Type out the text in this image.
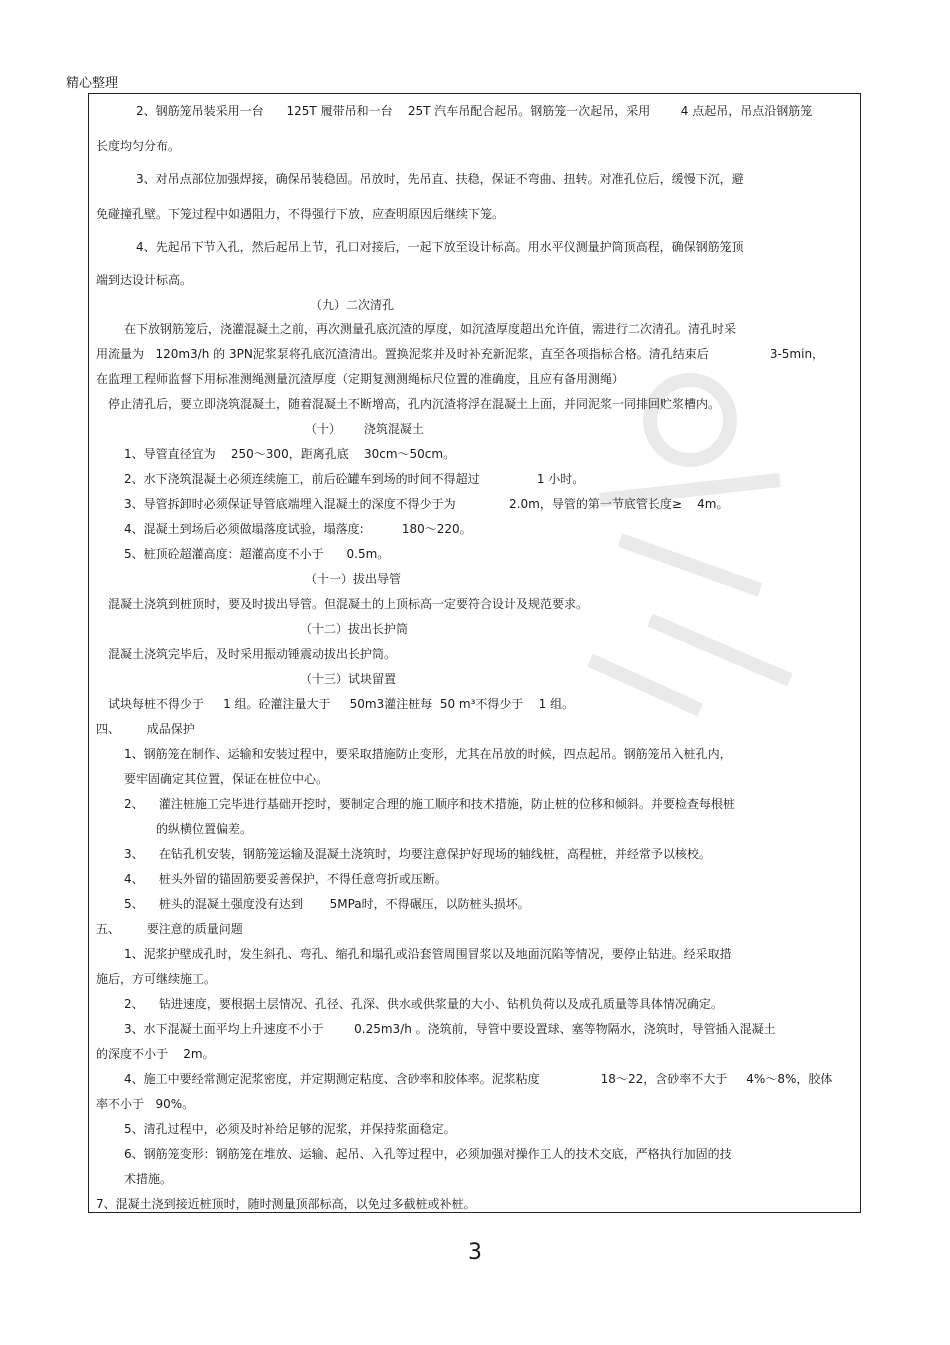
精心整理
2、钢筋笼吊装采用一台      125T 履带吊和一台    25T 汽车吊配合起吊。钢筋笼一次起吊，采用        4 点起吊，吊点沿钢筋笼
长度均匀分布。
3、对吊点部位加强焊接，确保吊装稳固。吊放时，先吊直、扶稳，保证不弯曲、扭转。对准孔位后，缓慢下沉，避
免碰撞孔壁。下笼过程中如遇阻力，不得强行下放，应查明原因后继续下笼。
4、先起吊下节入孔，然后起吊上节，孔口对接后，一起下放至设计标高。用水平仪测量护筒顶高程，确保钢筋笼顶
端到达设计标高。
（九）二次清孔
在下放钢筋笼后，浇灌混凝土之前，再次测量孔底沉渣的厚度，如沉渣厚度超出允许值，需进行二次清孔。清孔时采
用流量为   120m3/h 的 3PN泥浆泵将孔底沉渣清出。置换泥浆并及时补充新泥浆，直至各项指标合格。清孔结束后                3-5min，
在监理工程师监督下用标准测绳测量沉渣厚度（定期复测测绳标尺位置的准确度，且应有备用测绳）
停止清孔后，要立即浇筑混凝土，随着混凝土不断增高，孔内沉渣将浮在混凝土上面，并同泥浆一同排回贮浆槽内。
（十）      浇筑混凝土
1、导管直径宜为    250～300，距离孔底    30cm～50cm。
2、水下浇筑混凝土必须连续施工，前后砼罐车到场的时间不得超过               1 小时。
3、导管拆卸时必须保证导管底端埋入混凝土的深度不得少于为              2.0m，导管的第一节底管长度≥    4m。
4、混凝土到场后必须做塌落度试验，塌落度:          180～220。
5、桩顶砼超灌高度：超灌高度不小于      0.5m。
（十一）拔出导管
混凝土浇筑到桩顶时，要及时拔出导管。但混凝土的上顶标高一定要符合设计及规范要求。
（十二）拔出长护筒
混凝土浇筑完毕后，及时采用振动锤震动拔出长护筒。
（十三）试块留置
试块每桩不得少于     1 组。砼灌注量大于     50m3灌注桩每  50 m³不得少于    1 组。
四、       成品保护
1、钢筋笼在制作、运输和安装过程中，要采取措施防止变形，尤其在吊放的时候，四点起吊。钢筋笼吊入桩孔内，
要牢固确定其位置，保证在桩位中心。
2、    灌注桩施工完毕进行基础开挖时，要制定合理的施工顺序和技术措施，防止桩的位移和倾斜。并要检查每根桩
的纵横位置偏差。
3、    在钻孔机安装，钢筋笼运输及混凝土浇筑时，均要注意保护好现场的轴线桩，高程桩，并经常予以核校。
4、    桩头外留的锚固筋要妥善保护，不得任意弯折或压断。
5、    桩头的混凝土强度没有达到       5MPa时，不得碾压，以防桩头损坏。
五、       要注意的质量问题
1、泥浆护壁成孔时，发生斜孔、弯孔、缩孔和塌孔或沿套管周围冒浆以及地面沉陷等情况，要停止钻进。经采取措
施后，方可继续施工。
2、    钻进速度，要根据土层情况、孔径、孔深、供水或供浆量的大小、钻机负荷以及成孔质量等具体情况确定。
3、水下混凝土面平均上升速度不小于        0.25m3/h 。浇筑前，导管中要设置球、塞等物隔水，浇筑时，导管插入混凝土
的深度不小于    2m。
4、施工中要经常测定泥浆密度，并定期测定粘度、含砂率和胶体率。泥浆粘度                18～22，含砂率不大于     4%～8%，胶体
率不小于   90%。
5、清孔过程中，必须及时补给足够的泥浆，并保持浆面稳定。
6、钢筋笼变形：钢筋笼在堆放、运输、起吊、入孔等过程中，必须加强对操作工人的技术交底，严格执行加固的技
术措施。
7、混凝土浇到接近桩顶时，随时测量顶部标高，以免过多截桩或补桩。
3
